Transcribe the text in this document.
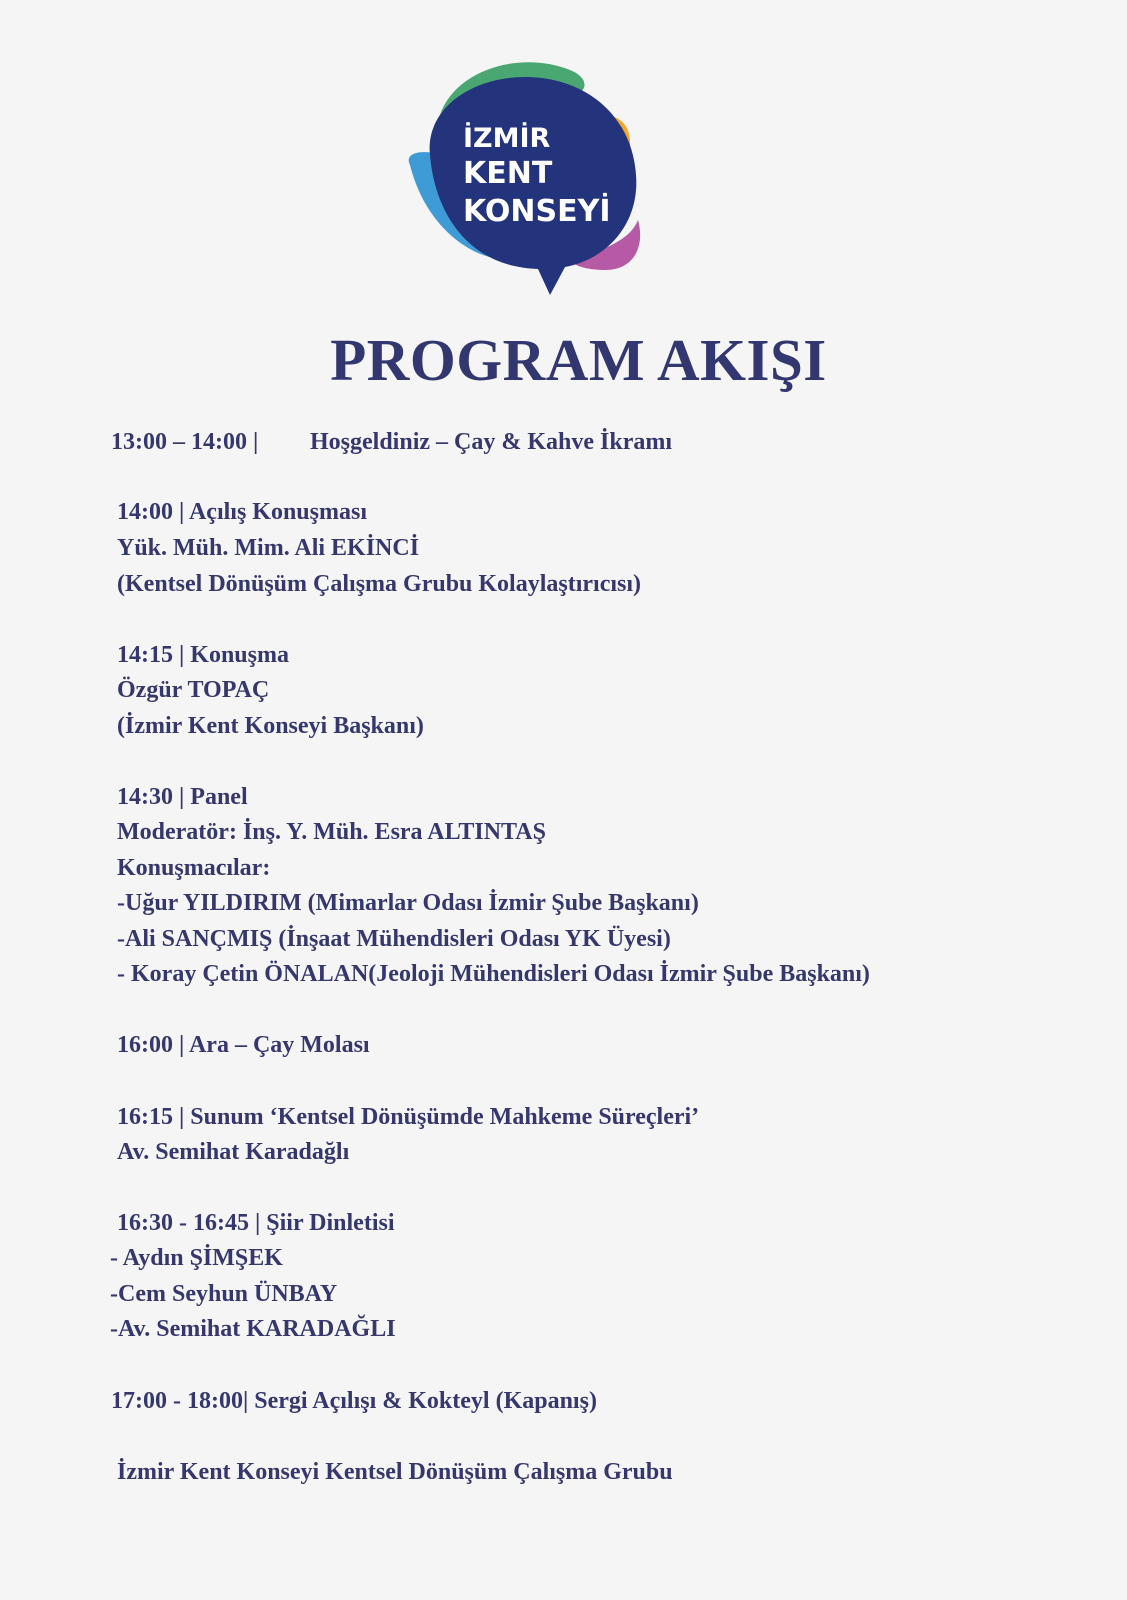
İZMİR
KENT
KONSEYİ
PROGRAM AKIŞI

13:00 – 14:00 | Hoşgeldiniz – Çay & Kahve İkramı

14:00 | Açılış Konuşması

Yük. Müh. Mim. Ali EKİNCİ

(Kentsel Dönüşüm Çalışma Grubu Kolaylaştırıcısı)

14:15 | Konuşma

Özgür TOPAÇ

(İzmir Kent Konseyi Başkanı)

14:30 | Panel

Moderatör: İnş. Y. Müh. Esra ALTINTAŞ

Konuşmacılar:

-Uğur YILDIRIM (Mimarlar Odası İzmir Şube Başkanı)

-Ali SANÇMIŞ (İnşaat Mühendisleri Odası YK Üyesi)

- Koray Çetin ÖNALAN(Jeoloji Mühendisleri Odası İzmir Şube Başkanı)

16:00 | Ara – Çay Molası

16:15 | Sunum ‘Kentsel Dönüşümde Mahkeme Süreçleri’

Av. Semihat Karadağlı

16:30 - 16:45 | Şiir Dinletisi

- Aydın ŞİMŞEK

-Cem Seyhun ÜNBAY

-Av. Semihat KARADAĞLI

17:00 - 18:00| Sergi Açılışı & Kokteyl (Kapanış)

İzmir Kent Konseyi Kentsel Dönüşüm Çalışma Grubu
